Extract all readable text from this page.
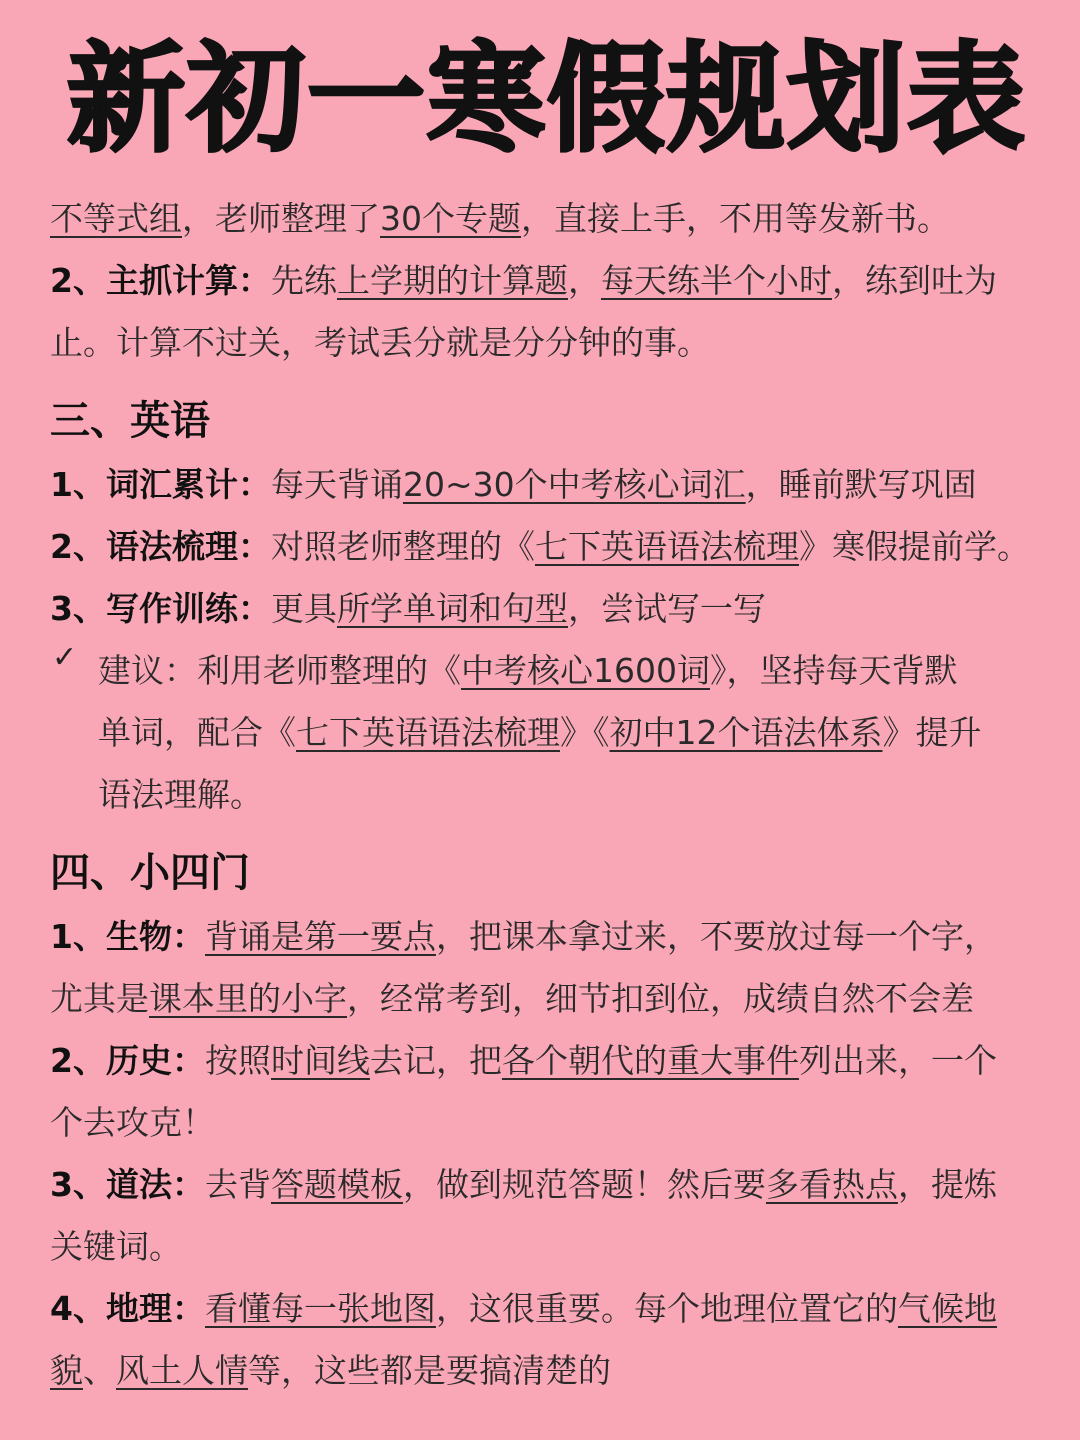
新初一寒假规划表
不等式组，老师整理了30个专题，直接上手，不用等发新书。
2、主抓计算：先练上学期的计算题，每天练半个小时，练到吐为
止。计算不过关，考试丢分就是分分钟的事。
三、英语
1、词汇累计：每天背诵20~30个中考核心词汇，睡前默写巩固
2、语法梳理：对照老师整理的《七下英语语法梳理》寒假提前学。
3、写作训练：更具所学单词和句型，尝试写一写
✓ 建议：利用老师整理的《中考核心1600词》，坚持每天背默
单词，配合《七下英语语法梳理》《初中12个语法体系》提升
语法理解。
四、小四门
1、生物：背诵是第一要点，把课本拿过来，不要放过每一个字，
尤其是课本里的小字，经常考到，细节扣到位，成绩自然不会差
2、历史：按照时间线去记，把各个朝代的重大事件列出来，一个
个去攻克！
3、道法：去背答题模板，做到规范答题！然后要多看热点，提炼
关键词。
4、地理：看懂每一张地图，这很重要。每个地理位置它的气候地
貌、风土人情等，这些都是要搞清楚的
